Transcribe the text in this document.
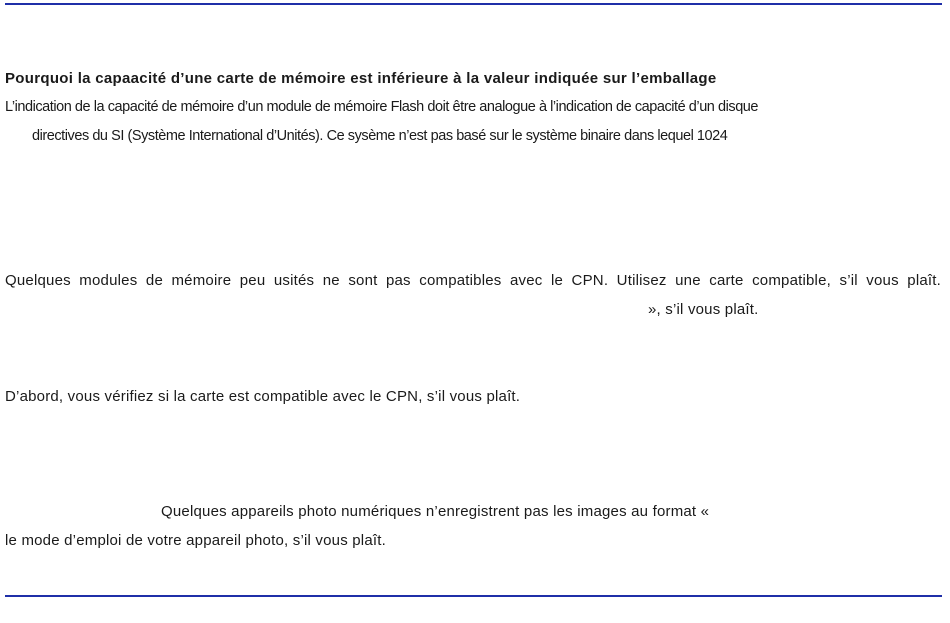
Pourquoi la capaacité d’une carte de mémoire est inférieure à la valeur indiquée sur l’emballage
L’indication de la capacité de mémoire d’un module de mémoire Flash doit être analogue à l’indication de capacité d’un disque
directives du SI (Système International d’Unités). Ce sysème n’est pas basé sur le système binaire dans lequel 1024
Quelques modules de mémoire peu usités ne sont pas compatibles avec le CPN. Utilisez une carte compatible, s’il vous plaît.
», s’il vous plaît.
D’abord, vous vérifiez si la carte est compatible avec le CPN, s’il vous plaît.
Quelques appareils photo numériques n’enregistrent pas les images au format «
le mode d’emploi de votre appareil photo, s’il vous plaît.
